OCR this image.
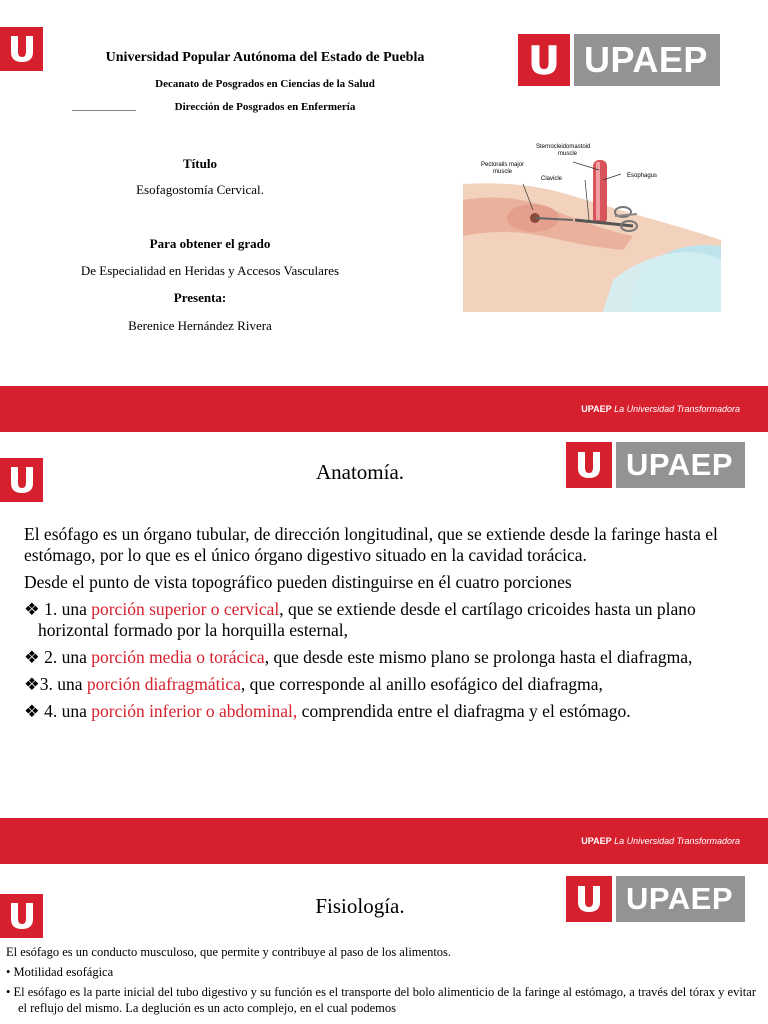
Universidad Popular Autónoma del Estado de Puebla
Decanato de Posgrados en Ciencias de la Salud
Dirección de Posgrados en Enfermería
UPAEP
Título
Esofagostomía Cervical.
Para obtener el grado
De Especialidad en Heridas y Accesos Vasculares
Presenta:
Berenice Hernández Rivera
Sternocleidomastoid
muscle
Pectoralis major
muscle
Clavicle	Esophagus
UPAEP La Universidad Transformadora
Anatomía.	UPAEP

El esófago es un órgano tubular, de dirección longitudinal, que se extiende desde la faringe hasta el estómago, por lo que es el único órgano digestivo situado en la cavidad torácica.

Desde el punto de vista topográfico pueden distinguirse en él cuatro porciones

❖ 1. una porción superior o cervical, que se extiende desde el cartílago cricoides hasta un plano horizontal formado por la horquilla esternal,

❖ 2. una porción media o torácica, que desde este mismo plano se prolonga hasta el diafragma,

❖3. una porción diafragmática, que corresponde al anillo esofágico del diafragma,

❖ 4. una porción inferior o abdominal, comprendida entre el diafragma y el estómago.

UPAEP La Universidad Transformadora
Fisiología.	UPAEP

El esófago es un conducto musculoso, que permite y contribuye al paso de los alimentos.

• Motilidad esofágica

• El esófago es la parte inicial del tubo digestivo y su función es el transporte del bolo alimenticio de la faringe al estómago, a través del tórax y evitar el reflujo del mismo. La deglución es un acto complejo, en el cual podemos
